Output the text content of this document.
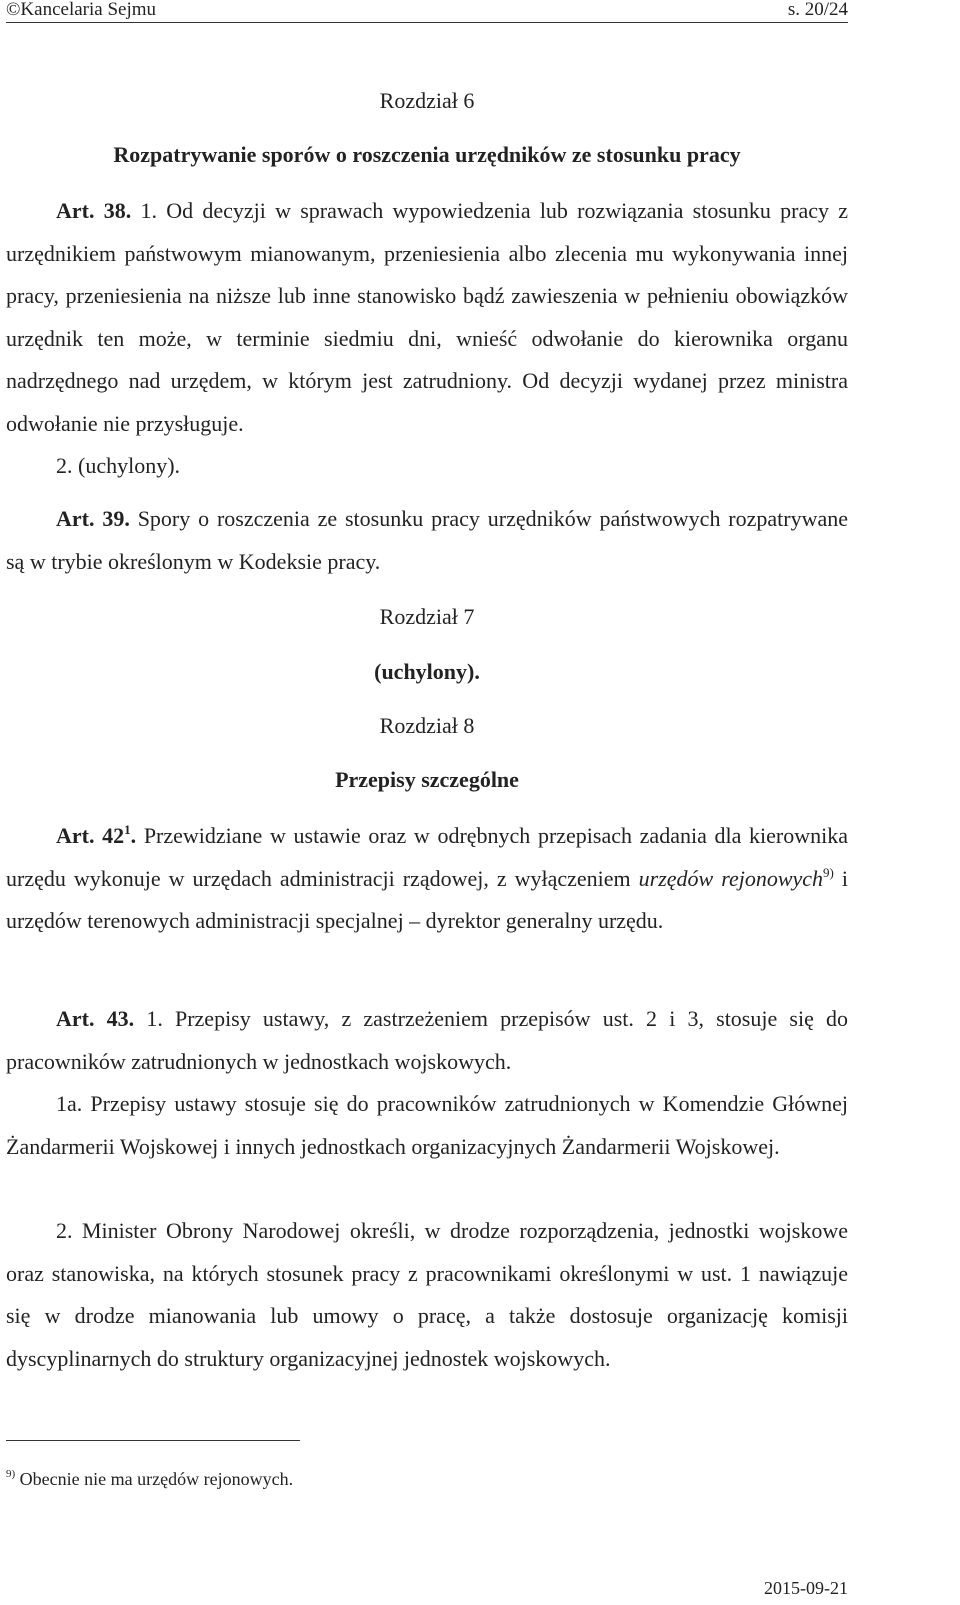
©Kancelaria Sejmu	s. 20/24

Rozdział 6

Rozpatrywanie sporów o roszczenia urzędników ze stosunku pracy

Art. 38. 1. Od decyzji w sprawach wypowiedzenia lub rozwiązania stosunku pracy z urzędnikiem państwowym mianowanym, przeniesienia albo zlecenia mu wykonywania innej pracy, przeniesienia na niższe lub inne stanowisko bądź zawieszenia w pełnieniu obowiązków urzędnik ten może, w terminie siedmiu dni, wnieść odwołanie do kierownika organu nadrzędnego nad urzędem, w którym jest zatrudniony. Od decyzji wydanej przez ministra odwołanie nie przysługuje.

2. (uchylony).

Art. 39. Spory o roszczenia ze stosunku pracy urzędników państwowych rozpatrywane są w trybie określonym w Kodeksie pracy.

Rozdział 7

(uchylony).

Rozdział 8

Przepisy szczególne

Art. $42^1$. Przewidziane w ustawie oraz w odrębnych przepisach zadania dla kierownika urzędu wykonuje w urzędach administracji rządowej, z wyłączeniem urzędów rejonowych$^{9)}$ i urzędów terenowych administracji specjalnej – dyrektor generalny urzędu.

Art. 43. 1. Przepisy ustawy, z zastrzeżeniem przepisów ust. 2 i 3, stosuje się do pracowników zatrudnionych w jednostkach wojskowych.

1a. Przepisy ustawy stosuje się do pracowników zatrudnionych w Komendzie Głównej Żandarmerii Wojskowej i innych jednostkach organizacyjnych Żandarmerii Wojskowej.

2. Minister Obrony Narodowej określi, w drodze rozporządzenia, jednostki wojskowe oraz stanowiska, na których stosunek pracy z pracownikami określonymi w ust. 1 nawiązuje się w drodze mianowania lub umowy o pracę, a także dostosuje organizację komisji dyscyplinarnych do struktury organizacyjnej jednostek wojskowych.

$^{9)}$ Obecnie nie ma urzędów rejonowych.
2015-09-21
